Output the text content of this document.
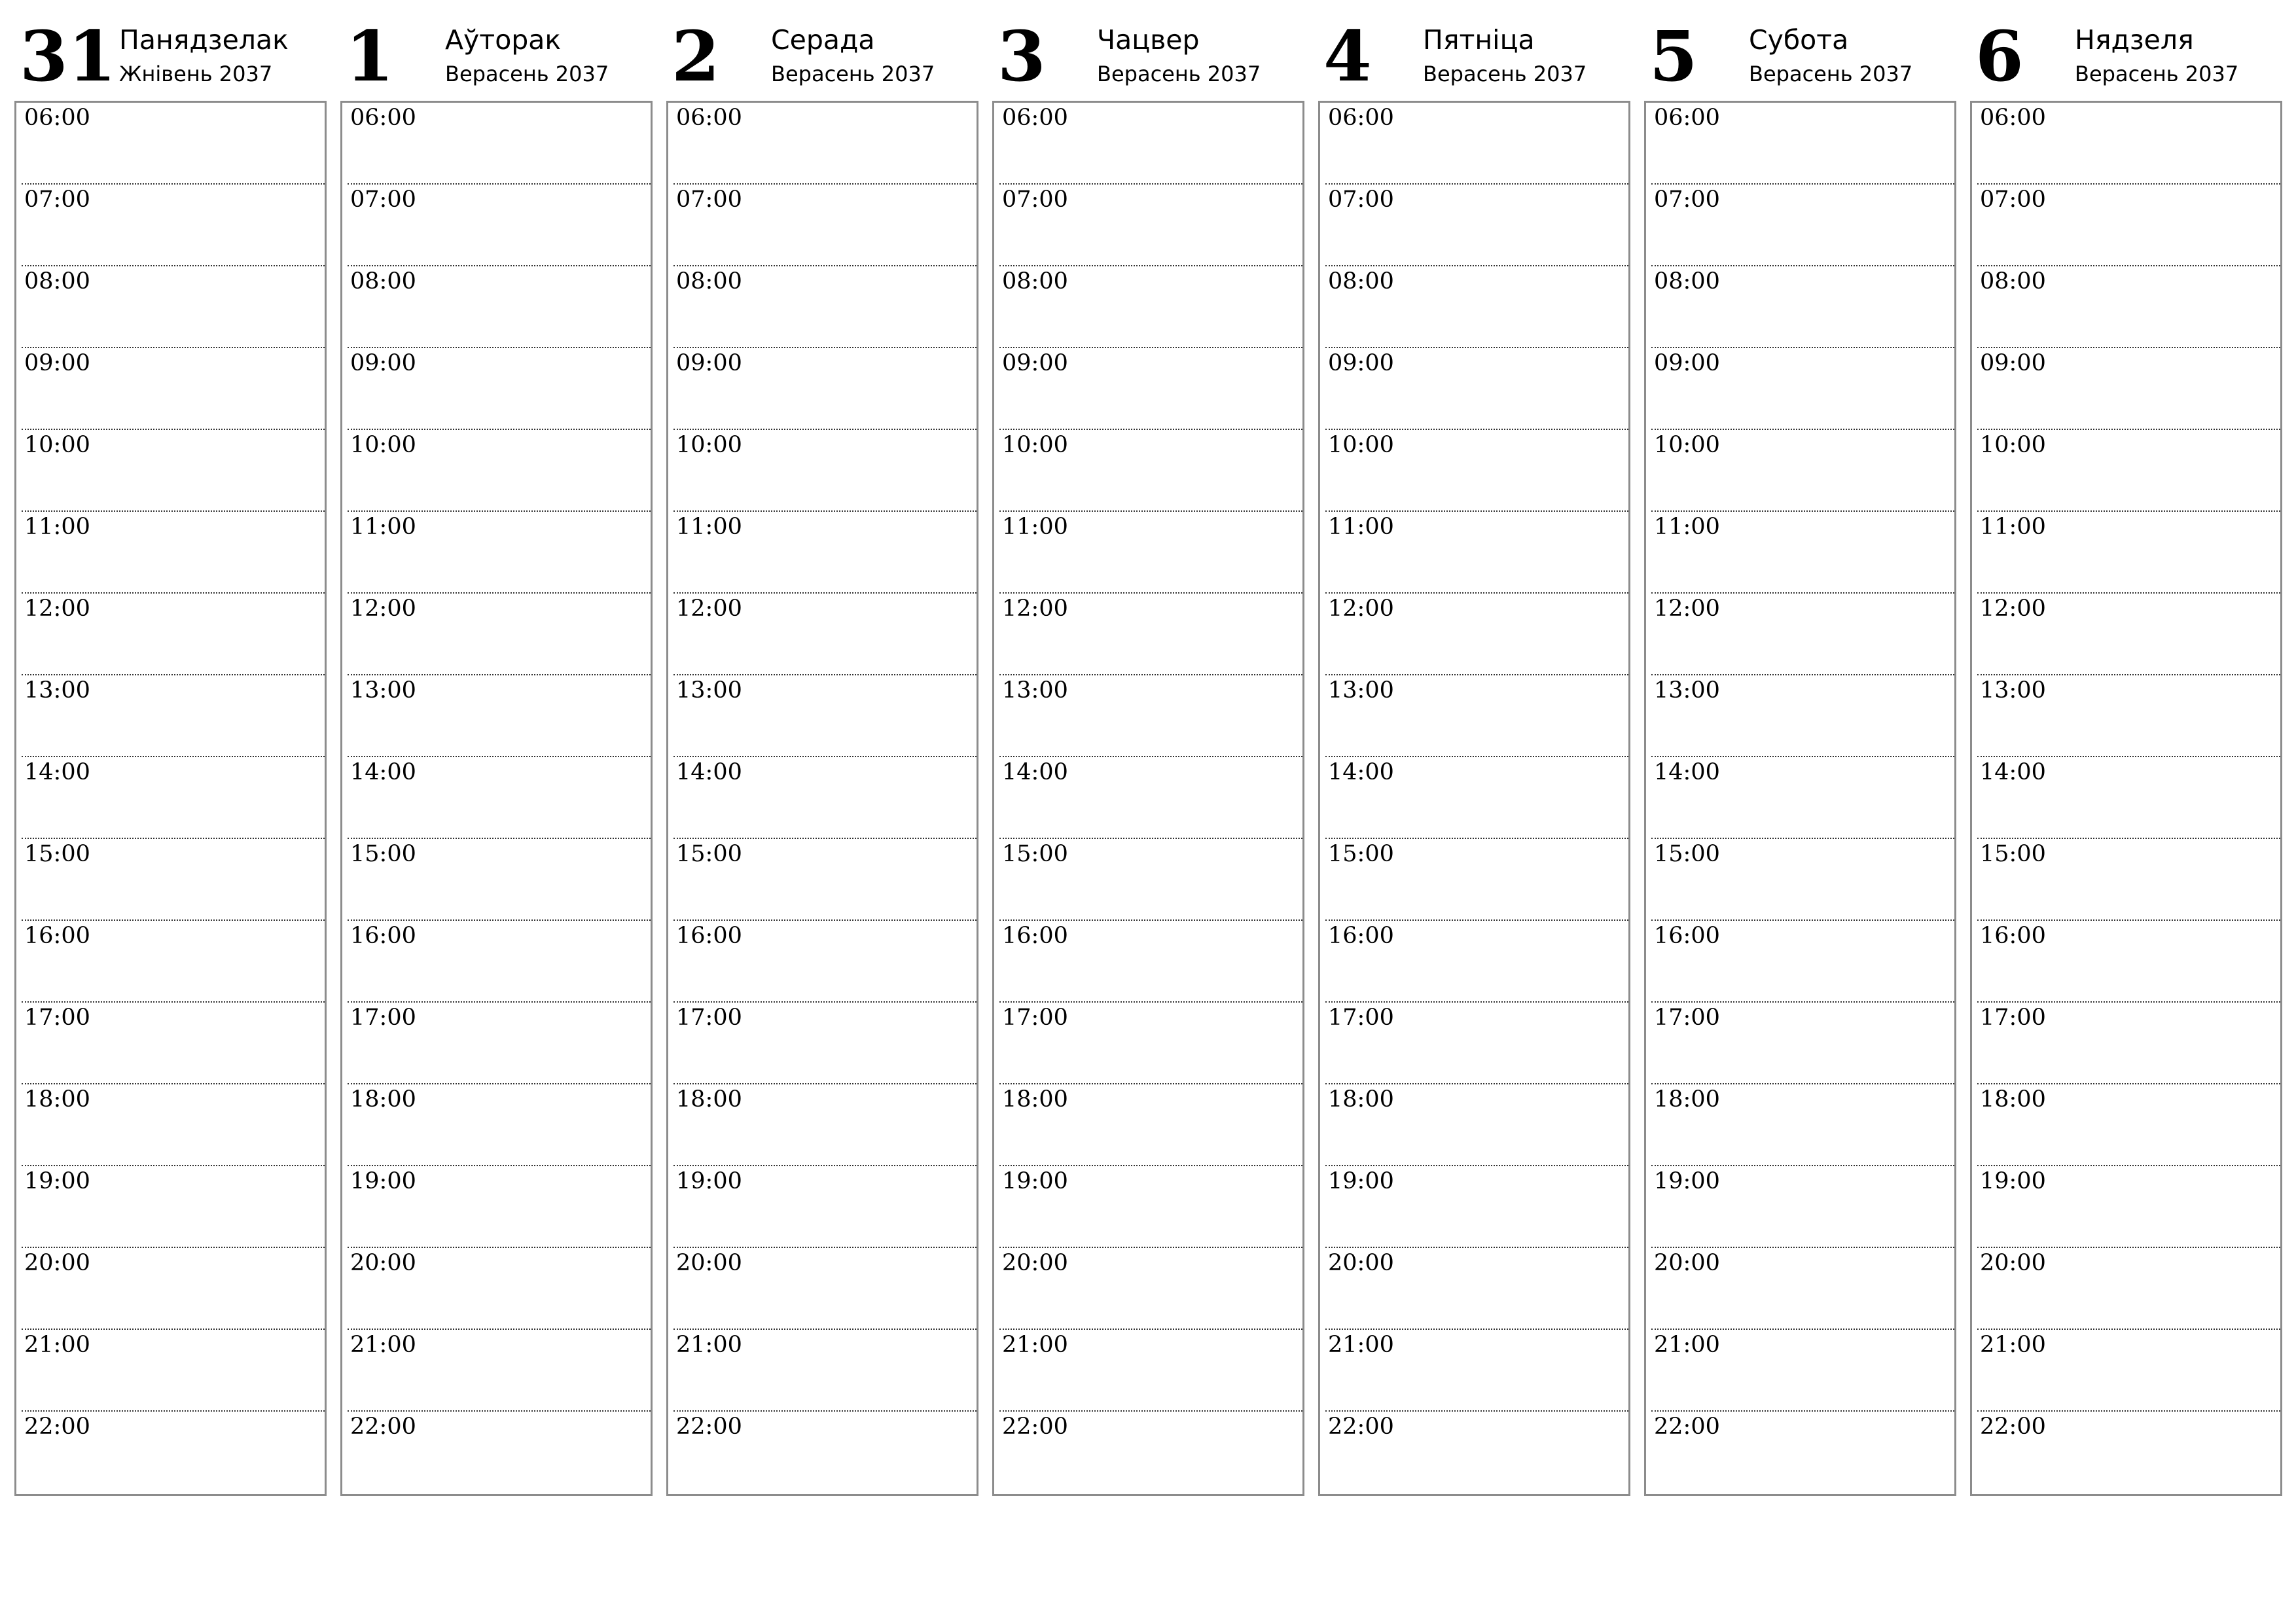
31 Панядзелак
Жнівень 2037
06:00
07:00
08:00
09:00
10:00
11:00
12:00
13:00
14:00
15:00
16:00
17:00
18:00
19:00
20:00
21:00
22:00
1 Аўторак
Верасень 2037
06:00
07:00
08:00
09:00
10:00
11:00
12:00
13:00
14:00
15:00
16:00
17:00
18:00
19:00
20:00
21:00
22:00
2 Серада
Верасень 2037
06:00
07:00
08:00
09:00
10:00
11:00
12:00
13:00
14:00
15:00
16:00
17:00
18:00
19:00
20:00
21:00
22:00
3 Чацвер
Верасень 2037
06:00
07:00
08:00
09:00
10:00
11:00
12:00
13:00
14:00
15:00
16:00
17:00
18:00
19:00
20:00
21:00
22:00
4 Пятніца
Верасень 2037
06:00
07:00
08:00
09:00
10:00
11:00
12:00
13:00
14:00
15:00
16:00
17:00
18:00
19:00
20:00
21:00
22:00
5 Субота
Верасень 2037
06:00
07:00
08:00
09:00
10:00
11:00
12:00
13:00
14:00
15:00
16:00
17:00
18:00
19:00
20:00
21:00
22:00
6 Нядзеля
Верасень 2037
06:00
07:00
08:00
09:00
10:00
11:00
12:00
13:00
14:00
15:00
16:00
17:00
18:00
19:00
20:00
21:00
22:00
